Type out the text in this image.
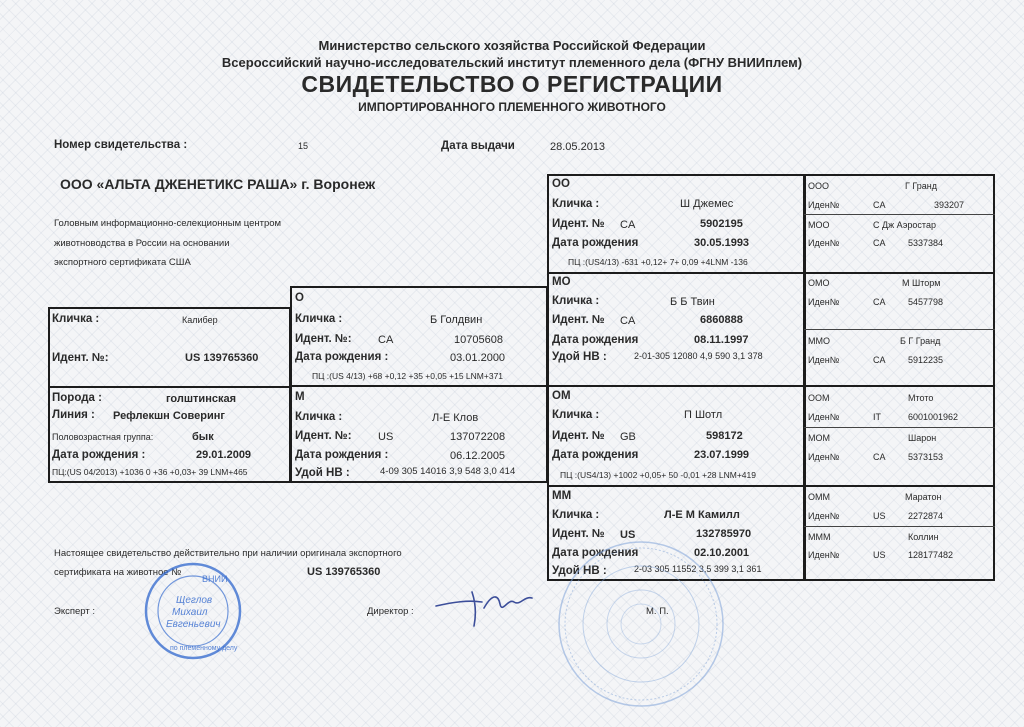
Министерство сельского хозяйства Российской Федерации
Всероссийский научно-исследовательский институт племенного дела (ФГНУ ВНИИплем)
СВИДЕТЕЛЬСТВО О РЕГИСТРАЦИИ
ИМПОРТИРОВАННОГО ПЛЕМЕННОГО ЖИВОТНОГО
Номер свидетельства :	15	Дата выдачи	28.05.2013
ООО «АЛЬТА ДЖЕНЕТИКС РАША» г. Воронеж
Головным информационно-селекционным центром
животноводства в России на основании
экспортного сертификата США
Кличка :	Калибер
Идент. №:	US 139765360
Порода :	голштинская
Линия : Рефлекшн Соверинг
Половозрастная группа:	бык
Дата рождения :	29.01.2009
ПЦ:(US 04/2013) +1036 0 +36 +0,03+ 39 LNM+465
О
Кличка :	Б Голдвин
Идент. №: CA	10705608
Дата рождения :	03.01.2000
ПЦ :(US 4/13) +68 +0,12 +35 +0,05 +15 LNM+371
М
Кличка :	Л-Е Клов
Идент. №: US	137072208
Дата рождения :	06.12.2005
Удой НВ :	4-09 305 14016 3,9 548 3,0 414
ОО
Кличка :	Ш Джемес
Идент. № CA	5902195
Дата рождения	30.05.1993
ПЦ :(US4/13) -631 +0,12+ 7+ 0,09 +4LNM -136
МО
Кличка :	Б Б Твин
Идент. № CA	6860888
Дата рождения	08.11.1997
Удой НВ :	2-01-305 12080 4,9 590 3,1 378
ОМ
Кличка :	П Шотл
Идент. № GB	598172
Дата рождения	23.07.1999
ПЦ :(US4/13) +1002 +0,05+ 50 -0,01 +28 LNM+419
ММ
Кличка :	Л-Е М Камилл
Идент. № US	132785970
Дата рождения	02.10.2001
Удой НВ :	2-03 305 11552 3,5 399 3,1 361
ООО	Г Гранд
Иден№	CA	393207
МОО	С Дж Аэростар
Иден№	CA 5337384
ОМО	М Шторм
Иден№	CA 5457798
ММО	Б Г Гранд
Иден№	CA 5912235
ООМ	Мтото
Иден№	IT	6001001962
МОМ	Шарон
Иден№	CA 5373153
ОММ	Маратон
Иден№	US 2272874
МММ	Коллин
Иден№	US 128177482
Настоящее свидетельство действительно при наличии оригинала экспортного
сертификата на животное №	US 139765360
Эксперт :	Директор :	М. П.
ВНИИ
Щеглов
Михаил
Евгеньевич
по племенному делу
